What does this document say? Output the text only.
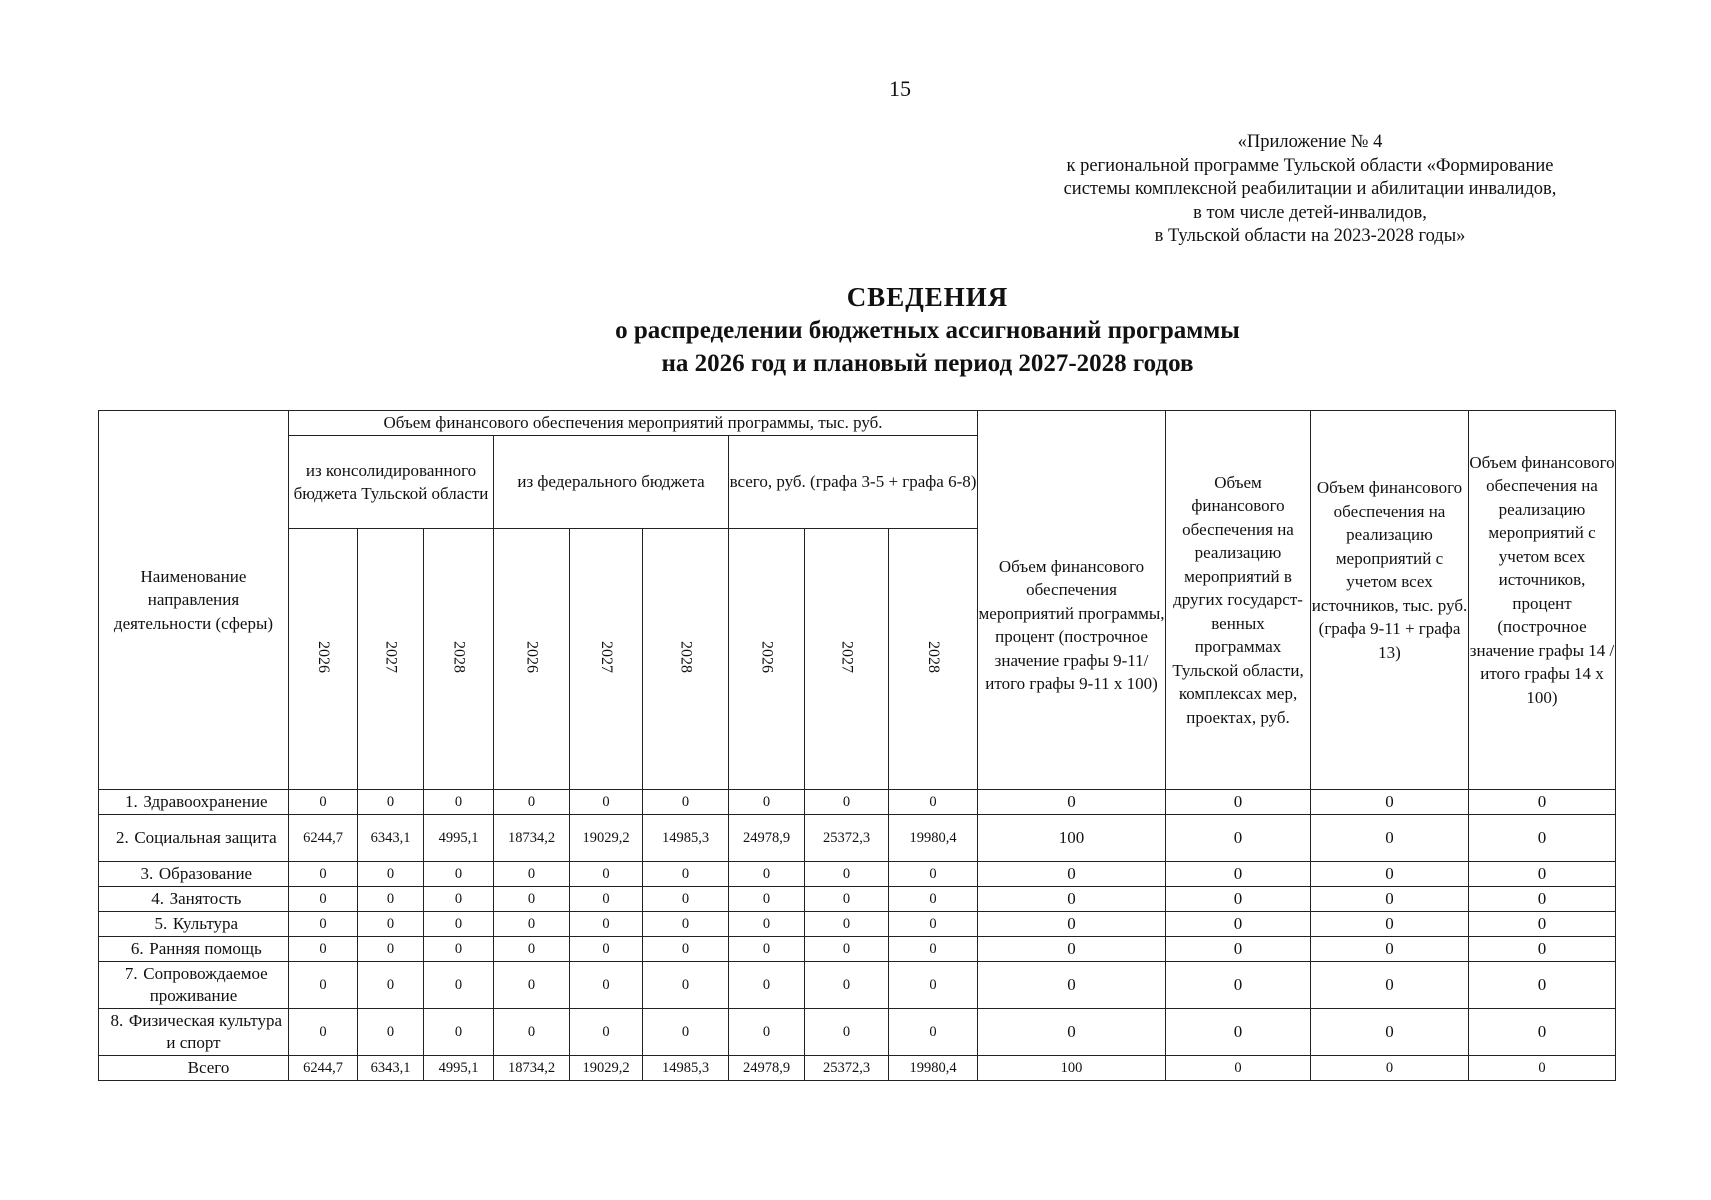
15
«Приложение № 4
к региональной программе Тульской области «Формирование
системы комплексной реабилитации и абилитации инвалидов,
в том числе детей-инвалидов,
в Тульской области на 2023-2028 годы»
СВЕДЕНИЯ
о распределении бюджетных ассигнований программы
на 2026 год и плановый период 2027-2028 годов
Наименование направления деятельности (сферы)	Объем финансового обеспечения мероприятий программы, тыс. руб.									Объем финансового обеспечения мероприятий программы, процент (построчное значение графы 9-11/ итого графы 9-11 х 100)	Объем финансового обеспечения на реализацию мероприятий в других государст-венных программах Тульской области, комплексах мер, проектах, руб.	Объем финансового обеспечения на реализацию мероприятий с учетом всех источников, тыс. руб. (графа 9-11 + графа 13)	Объем финансового обеспечения на реализацию мероприятий с учетом всех источников, процент (построчное значение графы 14 / итого графы 14 х 100)
	из консолидированного бюджета Тульской области			из федерального бюджета			всего, руб. (графа 3-5 + графа 6-8)						
	2026	2027	2028	2026	2027	2028	2026	2027	2028				
1. Здравоохранение	0	0	0	0	0	0	0	0	0	0	0	0	0
2. Социальная защита	6244,7	6343,1	4995,1	18734,2	19029,2	14985,3	24978,9	25372,3	19980,4	100	0	0	0
3. Образование	0	0	0	0	0	0	0	0	0	0	0	0	0
4. Занятость	0	0	0	0	0	0	0	0	0	0	0	0	0
5. Культура	0	0	0	0	0	0	0	0	0	0	0	0	0
6. Ранняя помощь	0	0	0	0	0	0	0	0	0	0	0	0	0
7. Сопровождаемое проживание	0	0	0	0	0	0	0	0	0	0	0	0	0
8. Физическая культура и спорт	0	0	0	0	0	0	0	0	0	0	0	0	0
Всего	6244,7	6343,1	4995,1	18734,2	19029,2	14985,3	24978,9	25372,3	19980,4	100	0	0	0
